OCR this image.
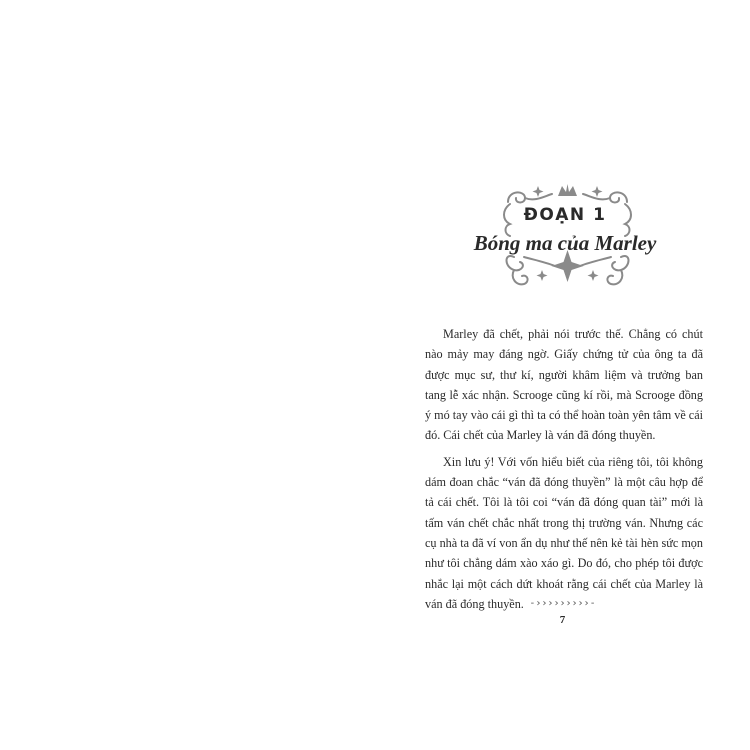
ĐOẠN 1
Bóng ma của Marley

Marley đã chết, phải nói trước thế. Chẳng có chút nào mảy may đáng ngờ. Giấy chứng tử của ông ta đã được mục sư, thư kí, người khâm liệm và trưởng ban tang lễ xác nhận. Scrooge cũng kí rồi, mà Scrooge đồng ý mó tay vào cái gì thì ta có thể hoàn toàn yên tâm về cái đó. Cái chết của Marley là ván đã đóng thuyền.

Xin lưu ý! Với vốn hiểu biết của riêng tôi, tôi không dám đoan chắc “ván đã đóng thuyền” là một câu hợp để tả cái chết. Tôi là tôi coi “ván đã đóng quan tài” mới là tấm ván chết chắc nhất trong thị trường ván. Nhưng các cụ nhà ta đã ví von ẩn dụ như thế nên kẻ tài hèn sức mọn như tôi chẳng dám xào xáo gì. Do đó, cho phép tôi được nhắc lại một cách dứt khoát rằng cái chết của Marley là ván đã đóng thuyền. -›››››››››-
7
